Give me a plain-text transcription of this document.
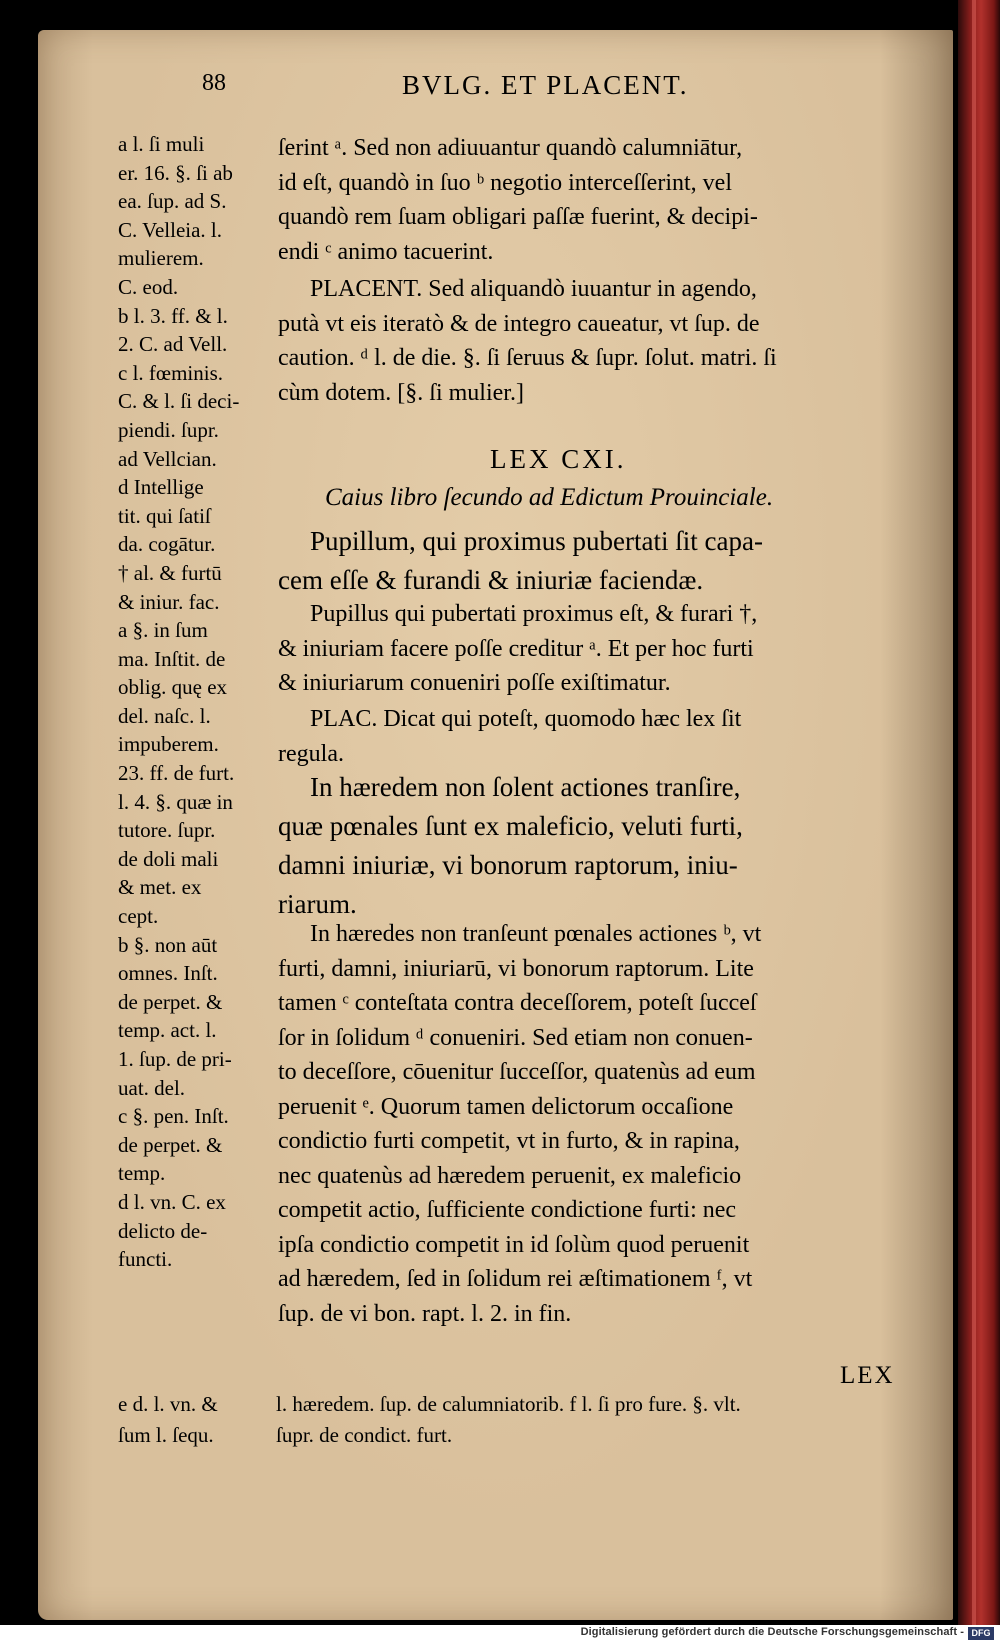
88	BVLG. ET PLACENT.
a l. ſi muli
er. 16. §. ſi ab
ea. ſup. ad S.
C. Velleia. l.
mulierem.
C. eod.
b l. 3. ff. & l.
2. C. ad Vell.
c l. fœminis.
C. & l. ſi deci-
piendi. ſupr.
ad Vellcian.
d Intellige
tit. qui ſatiſ
da. cogātur.
† al. & furtū
& iniur. fac.
a §. in ſum
ma. Inſtit. de
oblig. quę ex
del. naſc. l.
impuberem.
23. ff. de furt.
l. 4. §. quæ in
tutore. ſupr.
de doli mali
& met. ex
cept.
b §. non aūt
omnes. Inſt.
de perpet. &
temp. act. l.
1. ſup. de pri-
uat. del.
c §. pen. Inſt.
de perpet. &
temp.
d l. vn. C. ex
delicto de-
functi.
ſerint ᵃ. Sed non adiuuantur quandò calumniātur,
id eſt, quandò in ſuo ᵇ negotio interceſſerint, vel
quandò rem ſuam obligari paſſæ fuerint, & decipi-
endi ᶜ animo tacuerint.
PLACENT. Sed aliquandò iuuantur in agendo,
putà vt eis iteratò & de integro caueatur, vt ſup. de
caution. ᵈ l. de die. §. ſi ſeruus & ſupr. ſolut. matri. ſi
cùm dotem. [§. ſi mulier.]
LEX CXI.
Caius libro ſecundo ad Edictum Prouinciale.
Pupillum, qui proximus pubertati ſit capa-
cem eſſe & furandi & iniuriæ faciendæ.
Pupillus qui pubertati proximus eſt, & furari †,
& iniuriam facere poſſe creditur ᵃ. Et per hoc furti
& iniuriarum conueniri poſſe exiſtimatur.
PLAC. Dicat qui poteſt, quomodo hæc lex ſit
regula.
In hæredem non ſolent actiones tranſire,
quæ pœnales ſunt ex maleficio, veluti furti,
damni iniuriæ, vi bonorum raptorum, iniu-
riarum.
In hæredes non tranſeunt pœnales actiones ᵇ, vt
furti, damni, iniuriarū, vi bonorum raptorum. Lite
tamen ᶜ conteſtata contra deceſſorem, poteſt ſucceſ
ſor in ſolidum ᵈ conueniri. Sed etiam non conuen-
to deceſſore, cōuenitur ſucceſſor, quatenùs ad eum
peruenit ᵉ. Quorum tamen delictorum occaſione
condictio furti competit, vt in furto, & in rapina,
nec quatenùs ad hæredem peruenit, ex maleficio
competit actio, ſufficiente condictione furti: nec
ipſa condictio competit in id ſolùm quod peruenit
ad hæredem, ſed in ſolidum rei æſtimationem ᶠ, vt
ſup. de vi bon. rapt. l. 2. in fin.
LEX
e d. l. vn. &	l. hæredem. ſup. de calumniatorib. f l. ſi pro fure. §. vlt.
ſum l. ſequ.	ſupr. de condict. furt.
Digitalisierung gefördert durch die Deutsche Forschungsgemeinschaft - DFG
